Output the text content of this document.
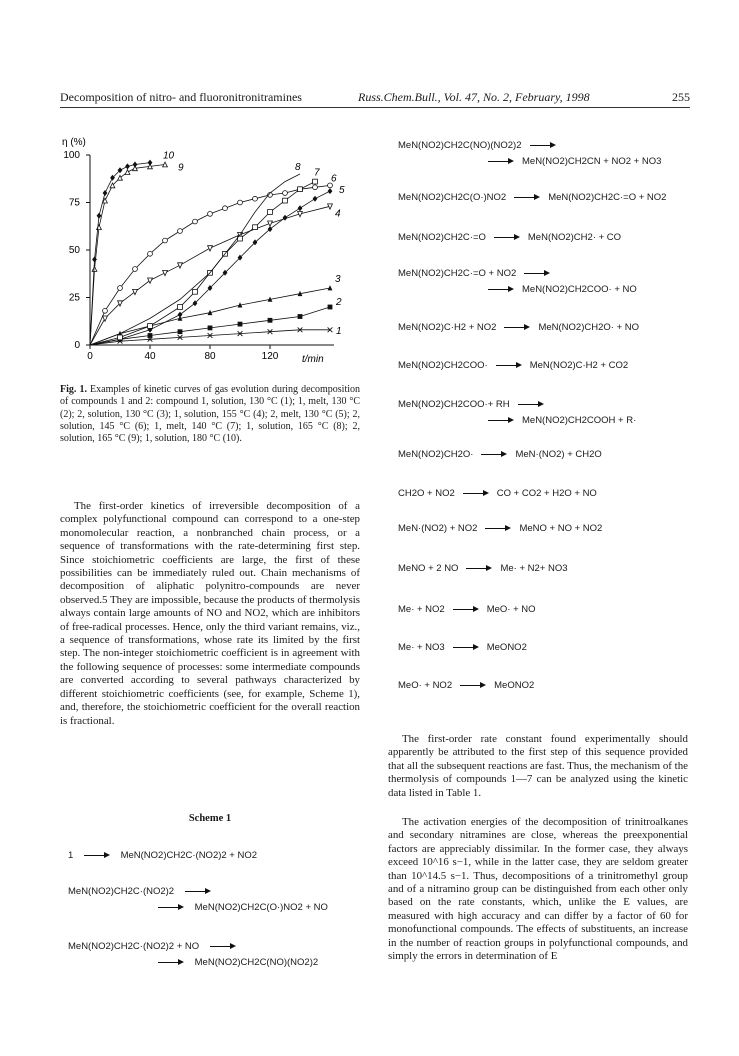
Decomposition of nitro- and fluoronitronitramines	Russ.Chem.Bull., Vol. 47, No. 2, February, 1998	255
η (%)
t/min
0	40	80	120
0
25
50
75
100
1
2
3
4
5
6
7
8
9
10
Fig. 1. Examples of kinetic curves of gas evolution during decomposition of compounds 1 and 2: compound 1, solution, 130 °C (1); 1, melt, 130 °C (2); 2, solution, 130 °C (3); 1, solution, 155 °C (4); 2, melt, 130 °C (5); 2, solution, 145 °C (6); 1, melt, 140 °C (7); 1, solution, 165 °C (8); 2, solution, 165 °C (9); 1, solution, 180 °C (10).
The first-order kinetics of irreversible decomposition of a complex polyfunctional compound can correspond to a one-step monomolecular reaction, a nonbranched chain process, or a sequence of transformations with the rate-determining first step. Since stoichiometric coefficients are large, the first of these possibilities can be immediately ruled out. Chain mechanisms of decomposition of aliphatic polynitro-compounds are never observed.5 They are impossible, because the products of thermolysis always contain large amounts of NO and NO2, which are inhibitors of free-radical processes. Hence, only the third variant remains, viz., a sequence of transformations, whose rate its limited by the first step. The non-integer stoichiometric coefficient is in agreement with the following sequence of processes: some intermediate compounds are converted according to several pathways characterized by different stoichiometric coefficients (see, for example, Scheme 1), and, therefore, the stoichiometric coefficient for the overall reaction is fractional.
Scheme 1
1	MeN(NO2)CH2C·(NO2)2 + NO2
MeN(NO2)CH2C·(NO2)2
MeN(NO2)CH2C(O·)NO2 + NO
MeN(NO2)CH2C·(NO2)2 + NO
MeN(NO2)CH2C(NO)(NO2)2
MeN(NO2)CH2C(NO)(NO2)2
MeN(NO2)CH2CN + NO2 + NO3
MeN(NO2)CH2C(O·)NO2	MeN(NO2)CH2C·=O + NO2
MeN(NO2)CH2C·=O	MeN(NO2)CH2· + CO
MeN(NO2)CH2C·=O + NO2
MeN(NO2)CH2COO· + NO
MeN(NO2)C·H2 + NO2	MeN(NO2)CH2O· + NO
MeN(NO2)CH2COO·	MeN(NO2)C·H2 + CO2
MeN(NO2)CH2COO·+ RH
MeN(NO2)CH2COOH + R·
MeN(NO2)CH2O·	MeN·(NO2) + CH2O
CH2O + NO2	CO + CO2 + H2O + NO
MeN·(NO2) + NO2	MeNO + NO + NO2
MeNO + 2 NO	Me· + N2+ NO3
Me· + NO2	MeO· + NO
Me· + NO3	MeONO2
MeO· + NO2	MeONO2
The first-order rate constant found experimentally should apparently be attributed to the first step of this sequence provided that all the subsequent reactions are fast. Thus, the mechanism of the thermolysis of compounds 1—7 can be analyzed using the kinetic data listed in Table 1.
The activation energies of the decomposition of trinitroalkanes and secondary nitramines are close, whereas the preexponential factors are appreciably dissimilar. In the former case, they always exceed 10^16 s−1, while in the latter case, they are seldom greater than 10^14.5 s−1. Thus, decompositions of a trinitromethyl group and of a nitramino group can be distinguished from each other only based on the rate constants, which, unlike the E values, are measured with high accuracy and can differ by a factor of 60 for monofunctional compounds. The effects of substituents, an increase in the number of reaction groups in polyfunctional compounds, and simply the errors in determination of E
